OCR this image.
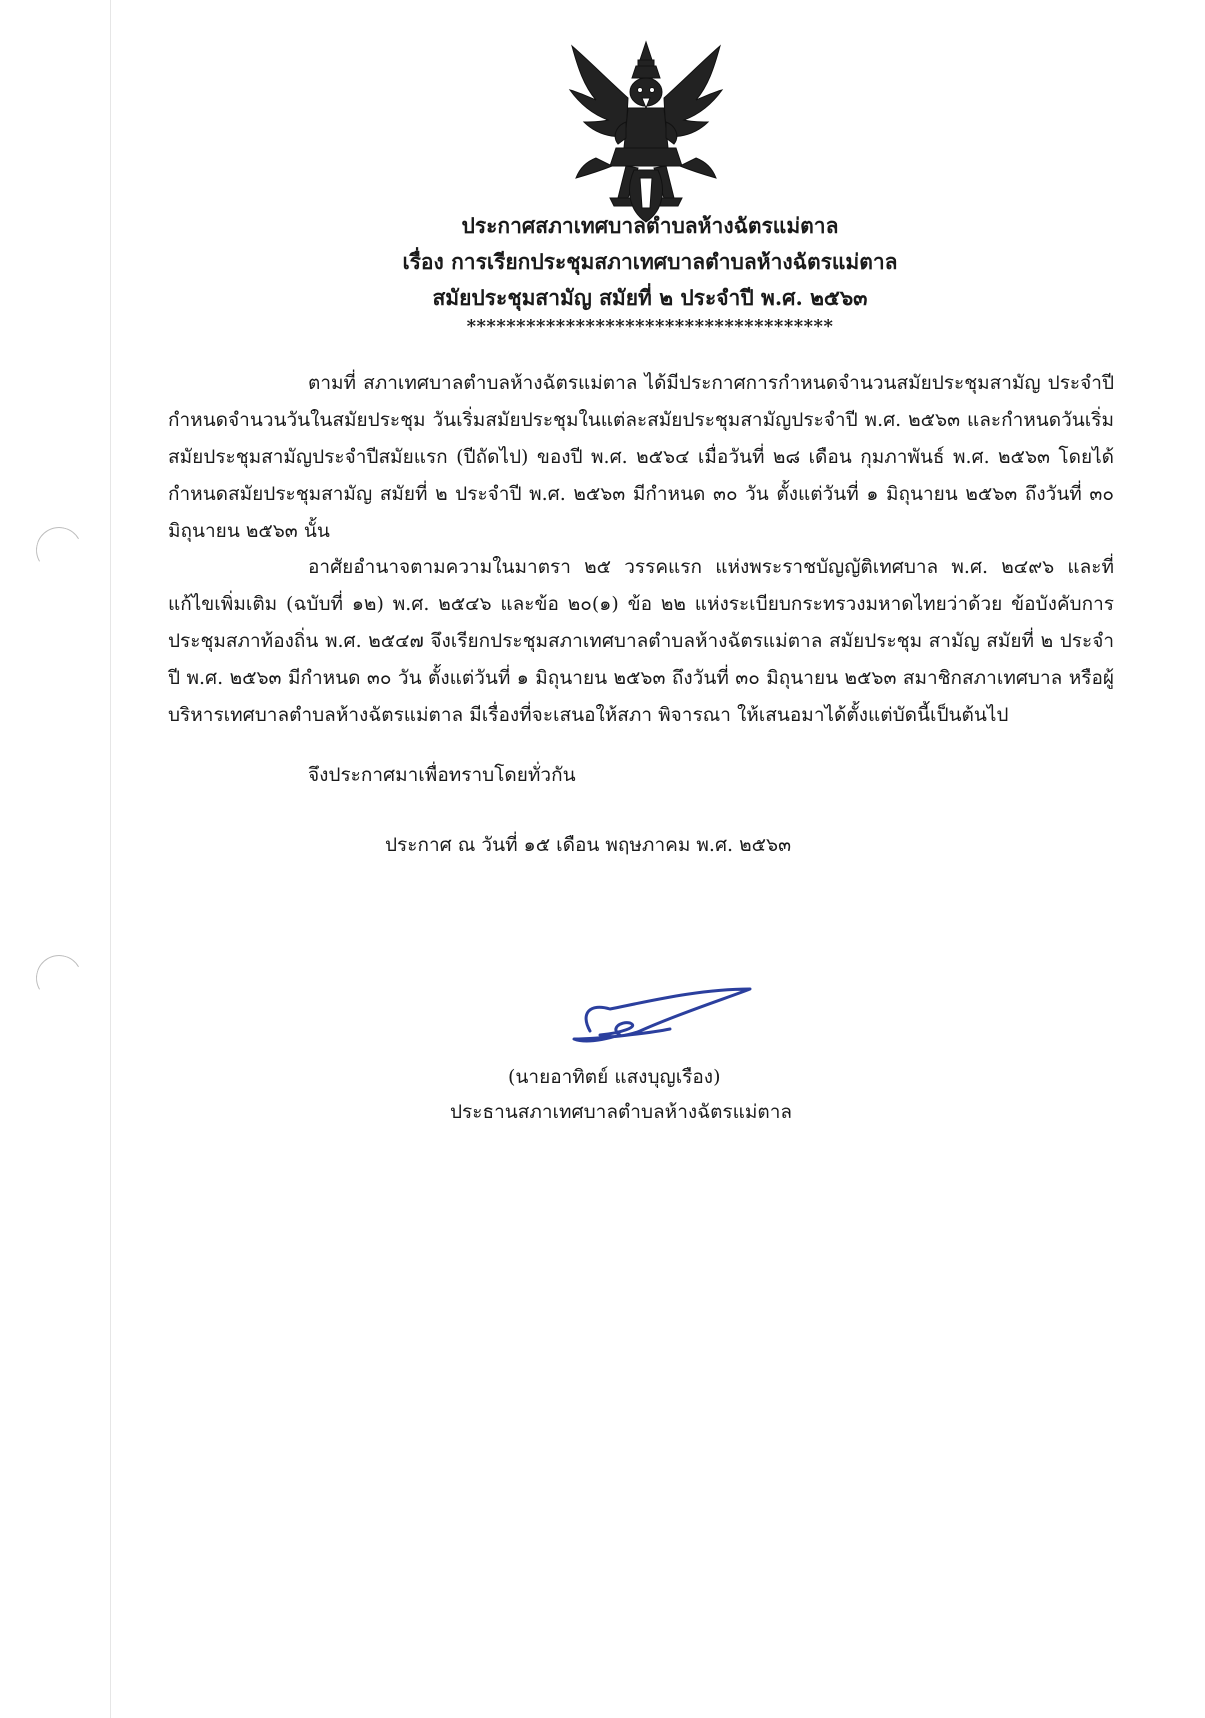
ประกาศสภาเทศบาลตำบลห้างฉัตรแม่ตาล
เรื่อง การเรียกประชุมสภาเทศบาลตำบลห้างฉัตรแม่ตาล
สมัยประชุมสามัญ สมัยที่ ๒ ประจำปี พ.ศ. ๒๕๖๓
*************************************

ตามที่ สภาเทศบาลตำบลห้างฉัตรแม่ตาล ได้มีประกาศการกำหนดจำนวนสมัยประชุมสามัญ ประจำปี กำหนดจำนวนวันในสมัยประชุม วันเริ่มสมัยประชุมในแต่ละสมัยประชุมสามัญประจำปี พ.ศ. ๒๕๖๓ และกำหนดวันเริ่มสมัยประชุมสามัญประจำปีสมัยแรก (ปีถัดไป) ของปี พ.ศ. ๒๕๖๔ เมื่อวันที่ ๒๘ เดือน กุมภาพันธ์ พ.ศ. ๒๕๖๓ โดยได้กำหนดสมัยประชุมสามัญ สมัยที่ ๒ ประจำปี พ.ศ. ๒๕๖๓ มีกำหนด ๓๐ วัน ตั้งแต่วันที่ ๑ มิถุนายน ๒๕๖๓ ถึงวันที่ ๓๐ มิถุนายน ๒๕๖๓ นั้น

อาศัยอำนาจตามความในมาตรา ๒๕ วรรคแรก แห่งพระราชบัญญัติเทศบาล พ.ศ. ๒๔๙๖ และที่แก้ไขเพิ่มเติม (ฉบับที่ ๑๒) พ.ศ. ๒๕๔๖ และข้อ ๒๐(๑) ข้อ ๒๒ แห่งระเบียบกระทรวงมหาดไทยว่าด้วย ข้อบังคับการประชุมสภาท้องถิ่น พ.ศ. ๒๕๔๗ จึงเรียกประชุมสภาเทศบาลตำบลห้างฉัตรแม่ตาล สมัยประชุม สามัญ สมัยที่ ๒ ประจำปี พ.ศ. ๒๕๖๓ มีกำหนด ๓๐ วัน ตั้งแต่วันที่ ๑ มิถุนายน ๒๕๖๓ ถึงวันที่ ๓๐ มิถุนายน ๒๕๖๓ สมาชิกสภาเทศบาล หรือผู้บริหารเทศบาลตำบลห้างฉัตรแม่ตาล มีเรื่องที่จะเสนอให้สภา พิจารณา ให้เสนอมาได้ตั้งแต่บัดนี้เป็นต้นไป

จึงประกาศมาเพื่อทราบโดยทั่วกัน
ประกาศ ณ วันที่ ๑๕ เดือน พฤษภาคม พ.ศ. ๒๕๖๓
(นายอาทิตย์ แสงบุญเรือง)
ประธานสภาเทศบาลตำบลห้างฉัตรแม่ตาล
